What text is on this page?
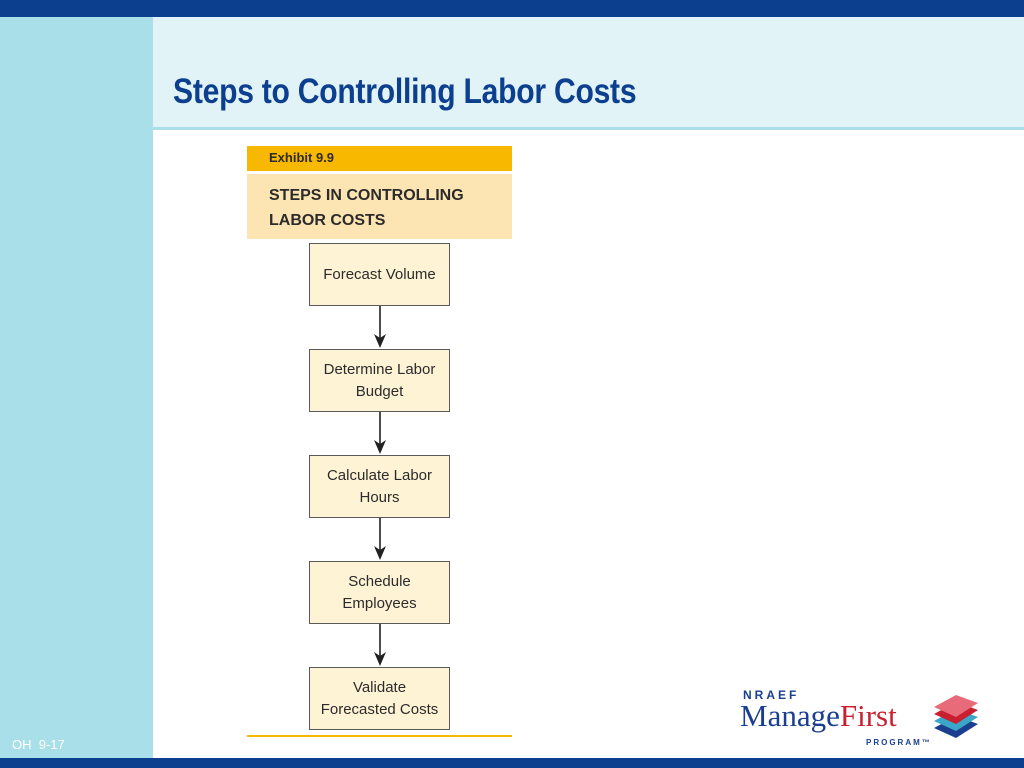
Steps to Controlling Labor Costs
OH  9-17
Exhibit 9.9
STEPS IN CONTROLLING LABOR COSTS
Forecast Volume
Determine Labor Budget
Calculate Labor Hours
Schedule Employees
Validate Forecasted Costs
NRAEF
ManageFirst
PROGRAM™
